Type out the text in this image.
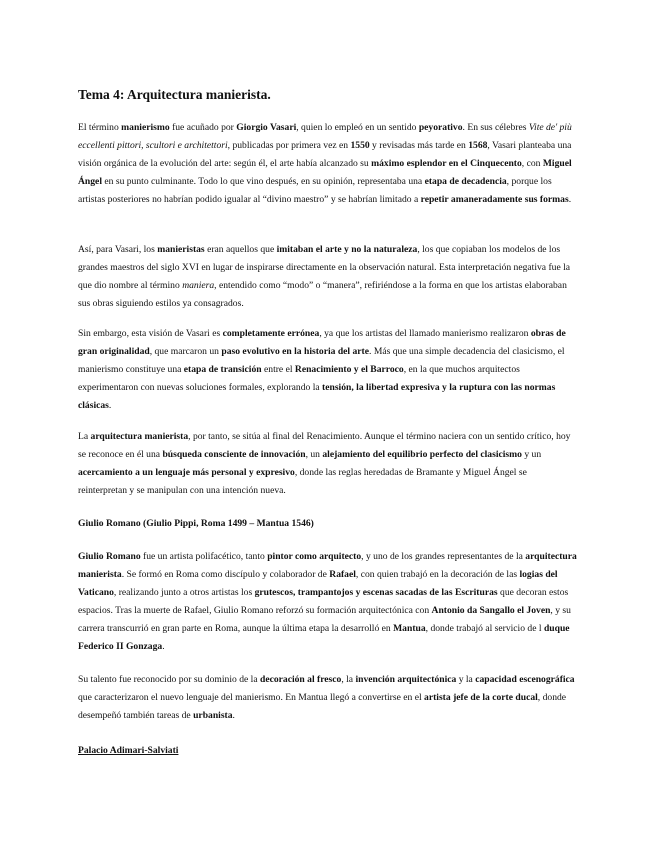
Tema 4: Arquitectura manierista.

El término manierismo fue acuñado por Giorgio Vasari, quien lo empleó en un sentido peyorativo. En sus célebres Vite de' più eccellenti pittori, scultori e architettori, publicadas por primera vez en 1550 y revisadas más tarde en 1568, Vasari planteaba una visión orgánica de la evolución del arte: según él, el arte había alcanzado su máximo esplendor en el Cinquecento, con Miguel Ángel en su punto culminante. Todo lo que vino después, en su opinión, representaba una etapa de decadencia, porque los artistas posteriores no habrían podido igualar al “divino maestro” y se habrían limitado a repetir amaneradamente sus formas.

Así, para Vasari, los manieristas eran aquellos que imitaban el arte y no la naturaleza, los que copiaban los modelos de los grandes maestros del siglo XVI en lugar de inspirarse directamente en la observación natural. Esta interpretación negativa fue la que dio nombre al término maniera, entendido como “modo” o “manera”, refiriéndose a la forma en que los artistas elaboraban sus obras siguiendo estilos ya consagrados.

Sin embargo, esta visión de Vasari es completamente errónea, ya que los artistas del llamado manierismo realizaron obras de gran originalidad, que marcaron un paso evolutivo en la historia del arte. Más que una simple decadencia del clasicismo, el manierismo constituye una etapa de transición entre el Renacimiento y el Barroco, en la que muchos arquitectos experimentaron con nuevas soluciones formales, explorando la tensión, la libertad expresiva y la ruptura con las normas clásicas.

La arquitectura manierista, por tanto, se sitúa al final del Renacimiento. Aunque el término naciera con un sentido crítico, hoy se reconoce en él una búsqueda consciente de innovación, un alejamiento del equilibrio perfecto del clasicismo y un acercamiento a un lenguaje más personal y expresivo, donde las reglas heredadas de Bramante y Miguel Ángel se reinterpretan y se manipulan con una intención nueva.

Giulio Romano (Giulio Pippi, Roma 1499 – Mantua 1546)

Giulio Romano fue un artista polifacético, tanto pintor como arquitecto, y uno de los grandes representantes de la arquitectura manierista. Se formó en Roma como discípulo y colaborador de Rafael, con quien trabajó en la decoración de las logias del Vaticano, realizando junto a otros artistas los grutescos, trampantojos y escenas sacadas de las Escrituras que decoran estos espacios. Tras la muerte de Rafael, Giulio Romano reforzó su formación arquitectónica con Antonio da Sangallo el Joven, y su carrera transcurrió en gran parte en Roma, aunque la última etapa la desarrolló en Mantua, donde trabajó al servicio de l duque Federico II Gonzaga.

Su talento fue reconocido por su dominio de la decoración al fresco, la invención arquitectónica y la capacidad escenográfica que caracterizaron el nuevo lenguaje del manierismo. En Mantua llegó a convertirse en el artista jefe de la corte ducal, donde desempeñó también tareas de urbanista.

Palacio Adimari-Salviati
